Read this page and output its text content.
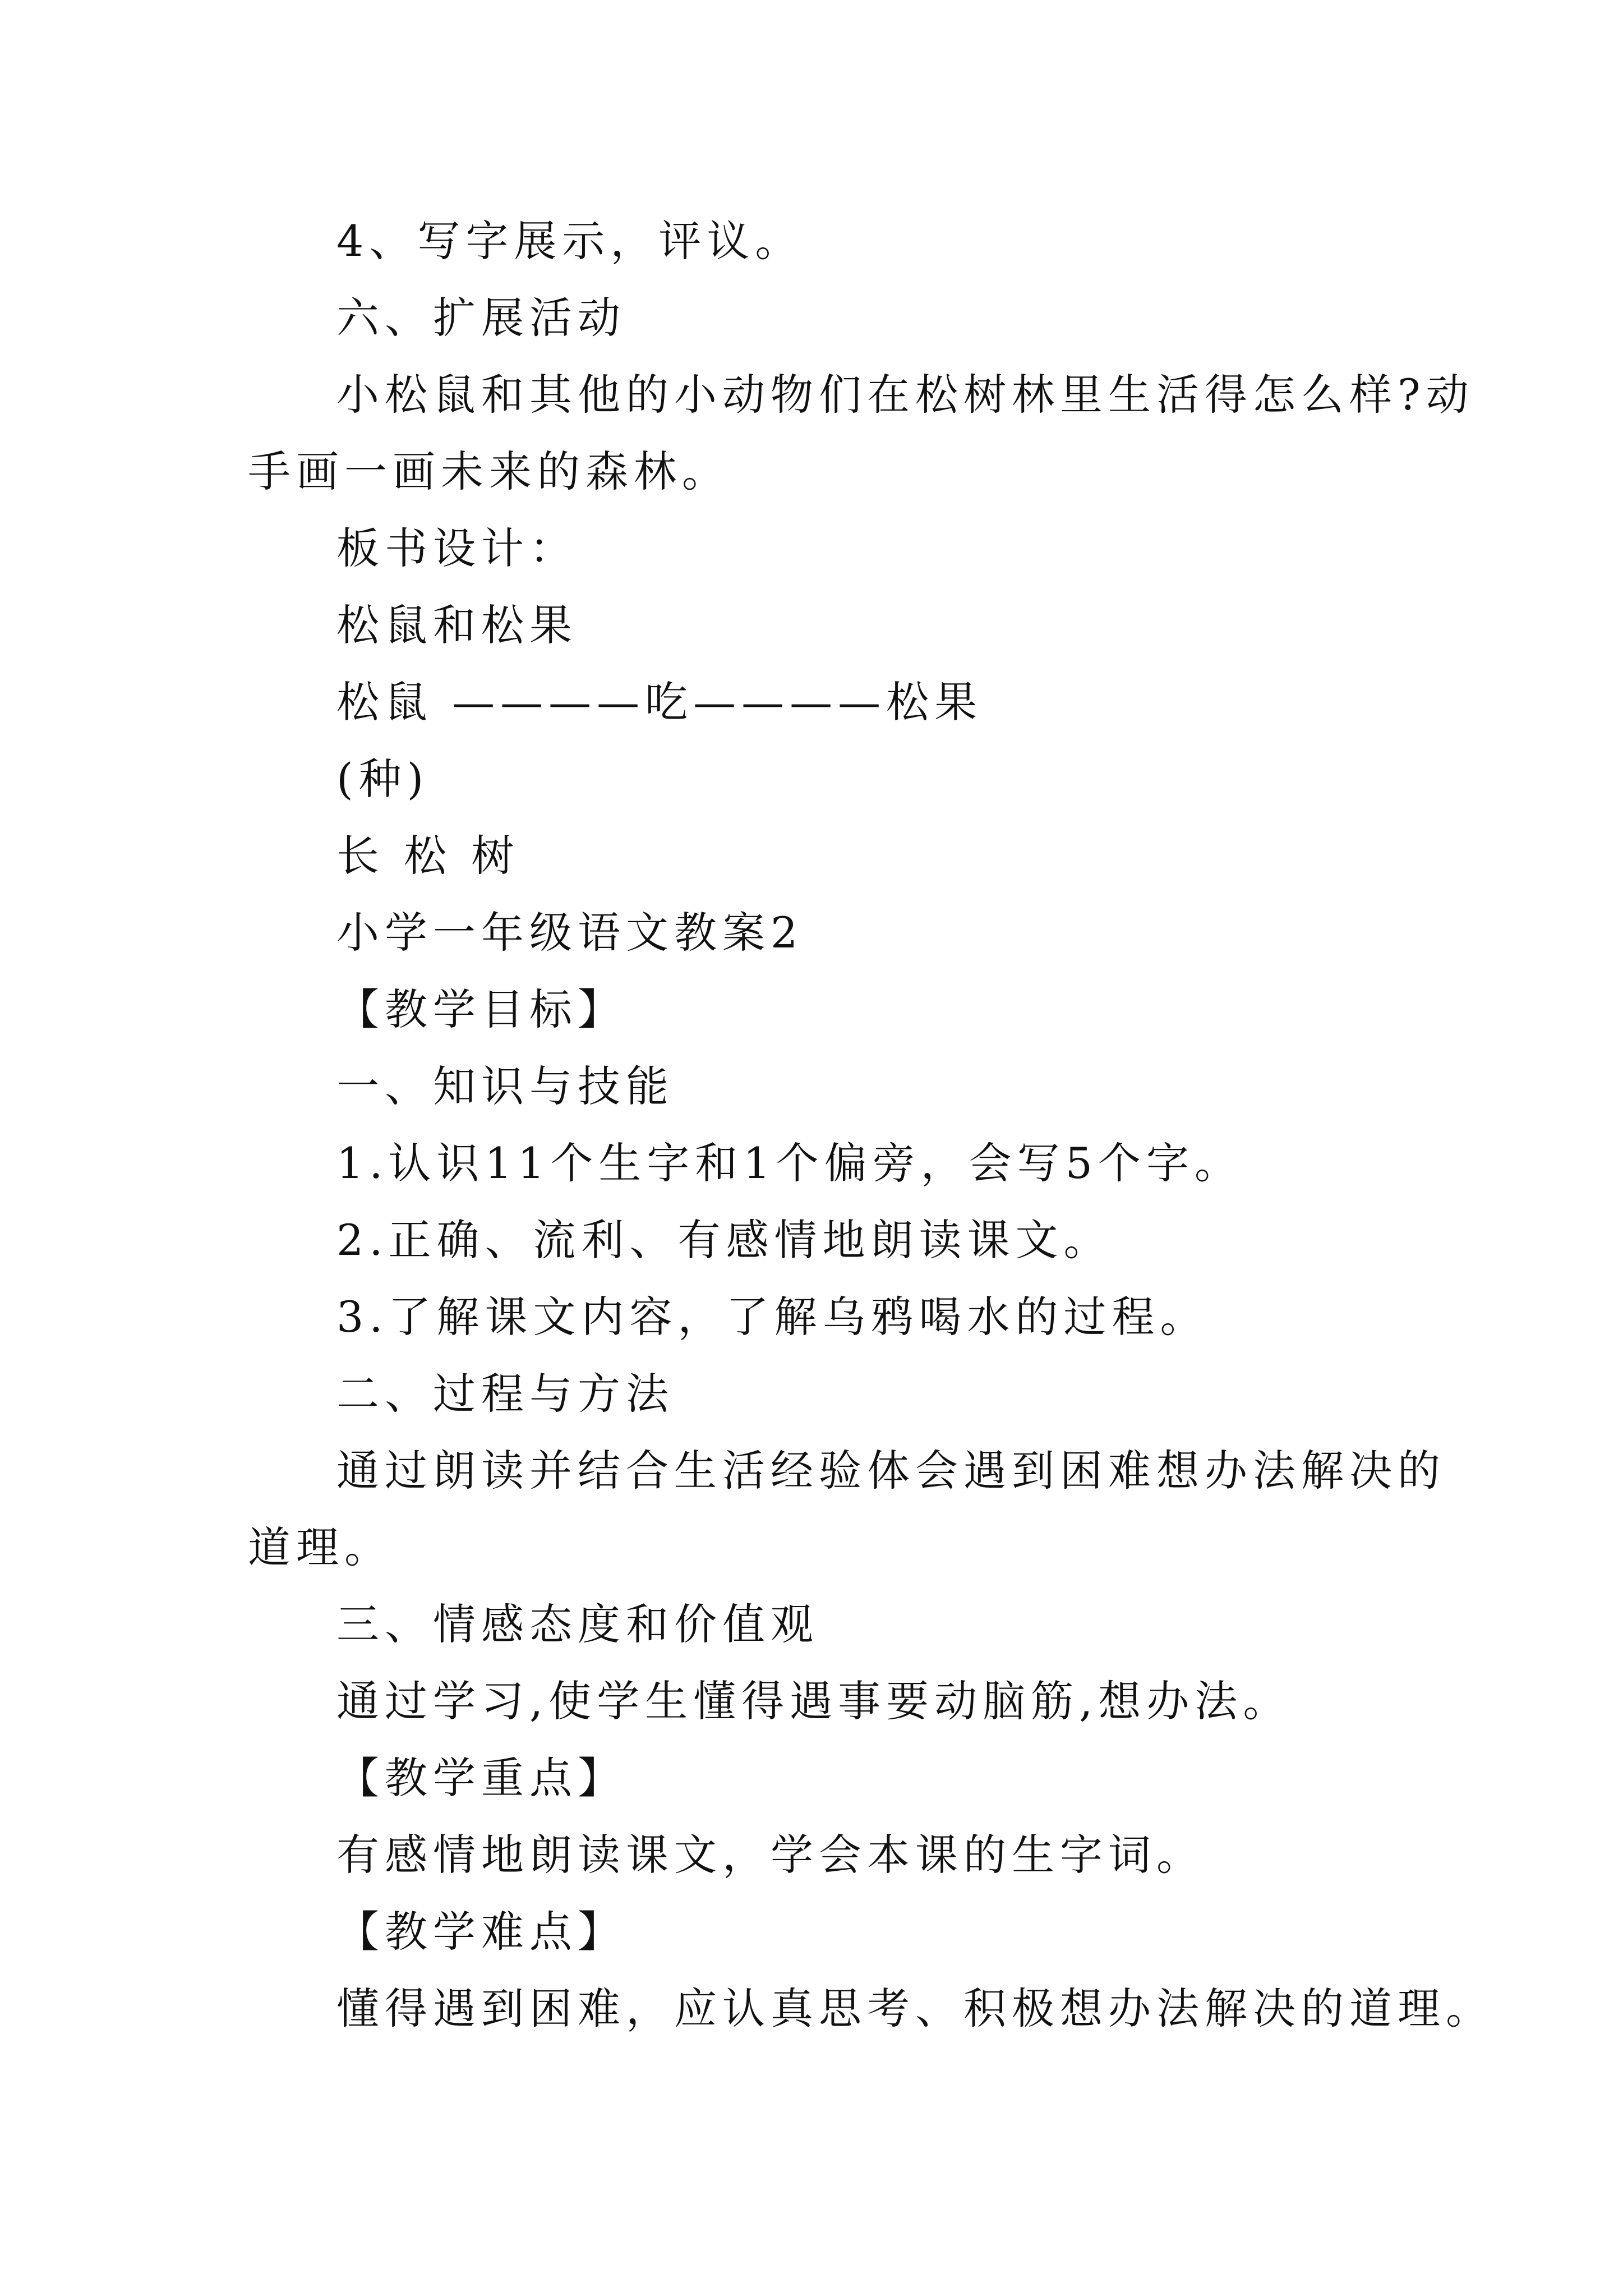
4、写字展示，评议。

六、扩展活动

小松鼠和其他的小动物们在松树林里生活得怎么样?动

手画一画未来的森林。

板书设计：

松鼠和松果

松鼠 ————吃————松果

(种)

长 松 树

小学一年级语文教案2

【教学目标】

一、知识与技能

1.认识11个生字和1个偏旁，会写5个字。

2.正确、流利、有感情地朗读课文。

3.了解课文内容，了解乌鸦喝水的过程。

二、过程与方法

通过朗读并结合生活经验体会遇到困难想办法解决的

道理。

三、情感态度和价值观

通过学习,使学生懂得遇事要动脑筋,想办法。

【教学重点】

有感情地朗读课文，学会本课的生字词。

【教学难点】

懂得遇到困难，应认真思考、积极想办法解决的道理。
